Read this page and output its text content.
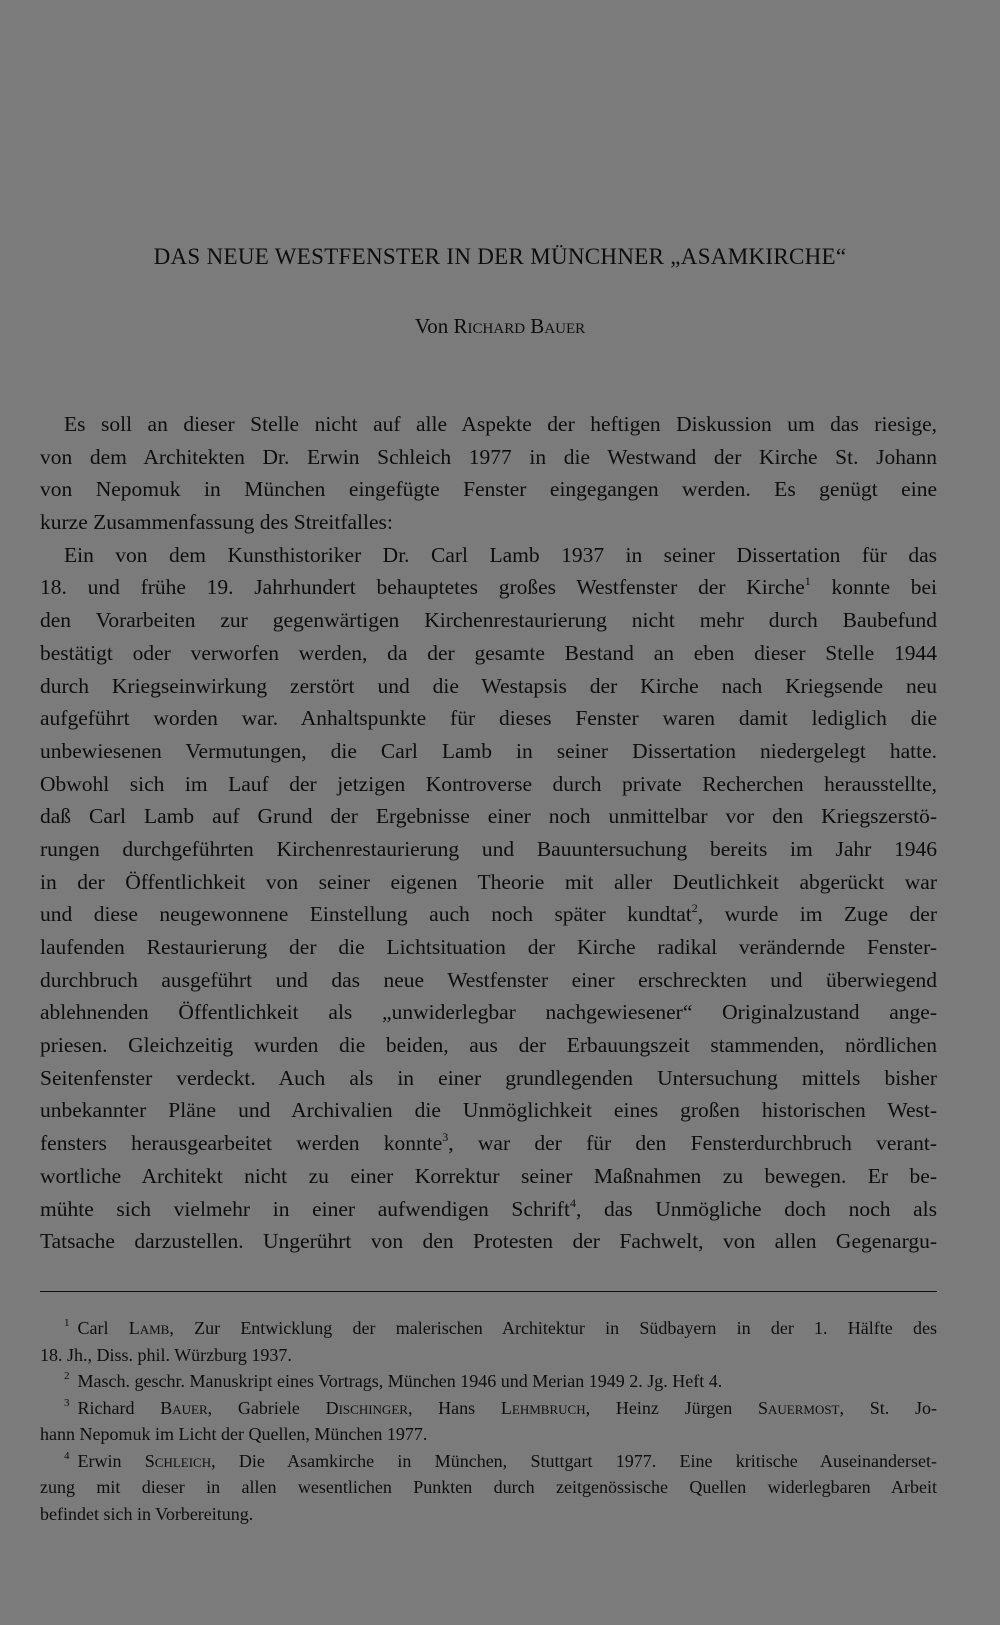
DAS NEUE WESTFENSTER IN DER MÜNCHNER „ASAMKIRCHE“
Von Richard Bauer
Es soll an dieser Stelle nicht auf alle Aspekte der heftigen Diskussion um das riesige,
von dem Architekten Dr. Erwin Schleich 1977 in die Westwand der Kirche St. Johann
von Nepomuk in München eingefügte Fenster eingegangen werden. Es genügt eine
kurze Zusammenfassung des Streitfalles:
Ein von dem Kunsthistoriker Dr. Carl Lamb 1937 in seiner Dissertation für das
18. und frühe 19. Jahrhundert behauptetes großes Westfenster der Kirche$^1$ konnte bei
den Vorarbeiten zur gegenwärtigen Kirchenrestaurierung nicht mehr durch Baubefund
bestätigt oder verworfen werden, da der gesamte Bestand an eben dieser Stelle 1944
durch Kriegseinwirkung zerstört und die Westapsis der Kirche nach Kriegsende neu
aufgeführt worden war. Anhaltspunkte für dieses Fenster waren damit lediglich die
unbewiesenen Vermutungen, die Carl Lamb in seiner Dissertation niedergelegt hatte.
Obwohl sich im Lauf der jetzigen Kontroverse durch private Recherchen herausstellte,
daß Carl Lamb auf Grund der Ergebnisse einer noch unmittelbar vor den Kriegszerstö-
rungen durchgeführten Kirchenrestaurierung und Bauuntersuchung bereits im Jahr 1946
in der Öffentlichkeit von seiner eigenen Theorie mit aller Deutlichkeit abgerückt war
und diese neugewonnene Einstellung auch noch später kundtat$^2$, wurde im Zuge der
laufenden Restaurierung der die Lichtsituation der Kirche radikal verändernde Fenster-
durchbruch ausgeführt und das neue Westfenster einer erschreckten und überwiegend
ablehnenden Öffentlichkeit als „unwiderlegbar nachgewiesener“ Originalzustand ange-
priesen. Gleichzeitig wurden die beiden, aus der Erbauungszeit stammenden, nördlichen
Seitenfenster verdeckt. Auch als in einer grundlegenden Untersuchung mittels bisher
unbekannter Pläne und Archivalien die Unmöglichkeit eines großen historischen West-
fensters herausgearbeitet werden konnte$^3$, war der für den Fensterdurchbruch verant-
wortliche Architekt nicht zu einer Korrektur seiner Maßnahmen zu bewegen. Er be-
mühte sich vielmehr in einer aufwendigen Schrift$^4$, das Unmögliche doch noch als
Tatsache darzustellen. Ungerührt von den Protesten der Fachwelt, von allen Gegenargu-
$^1$ Carl Lamb, Zur Entwicklung der malerischen Architektur in Südbayern in der 1. Hälfte des
18. Jh., Diss. phil. Würzburg 1937.
$^2$ Masch. geschr. Manuskript eines Vortrags, München 1946 und Merian 1949 2. Jg. Heft 4.
$^3$ Richard Bauer, Gabriele Dischinger, Hans Lehmbruch, Heinz Jürgen Sauermost, St. Jo-
hann Nepomuk im Licht der Quellen, München 1977.
$^4$ Erwin Schleich, Die Asamkirche in München, Stuttgart 1977. Eine kritische Auseinanderset-
zung mit dieser in allen wesentlichen Punkten durch zeitgenössische Quellen widerlegbaren Arbeit
befindet sich in Vorbereitung.
